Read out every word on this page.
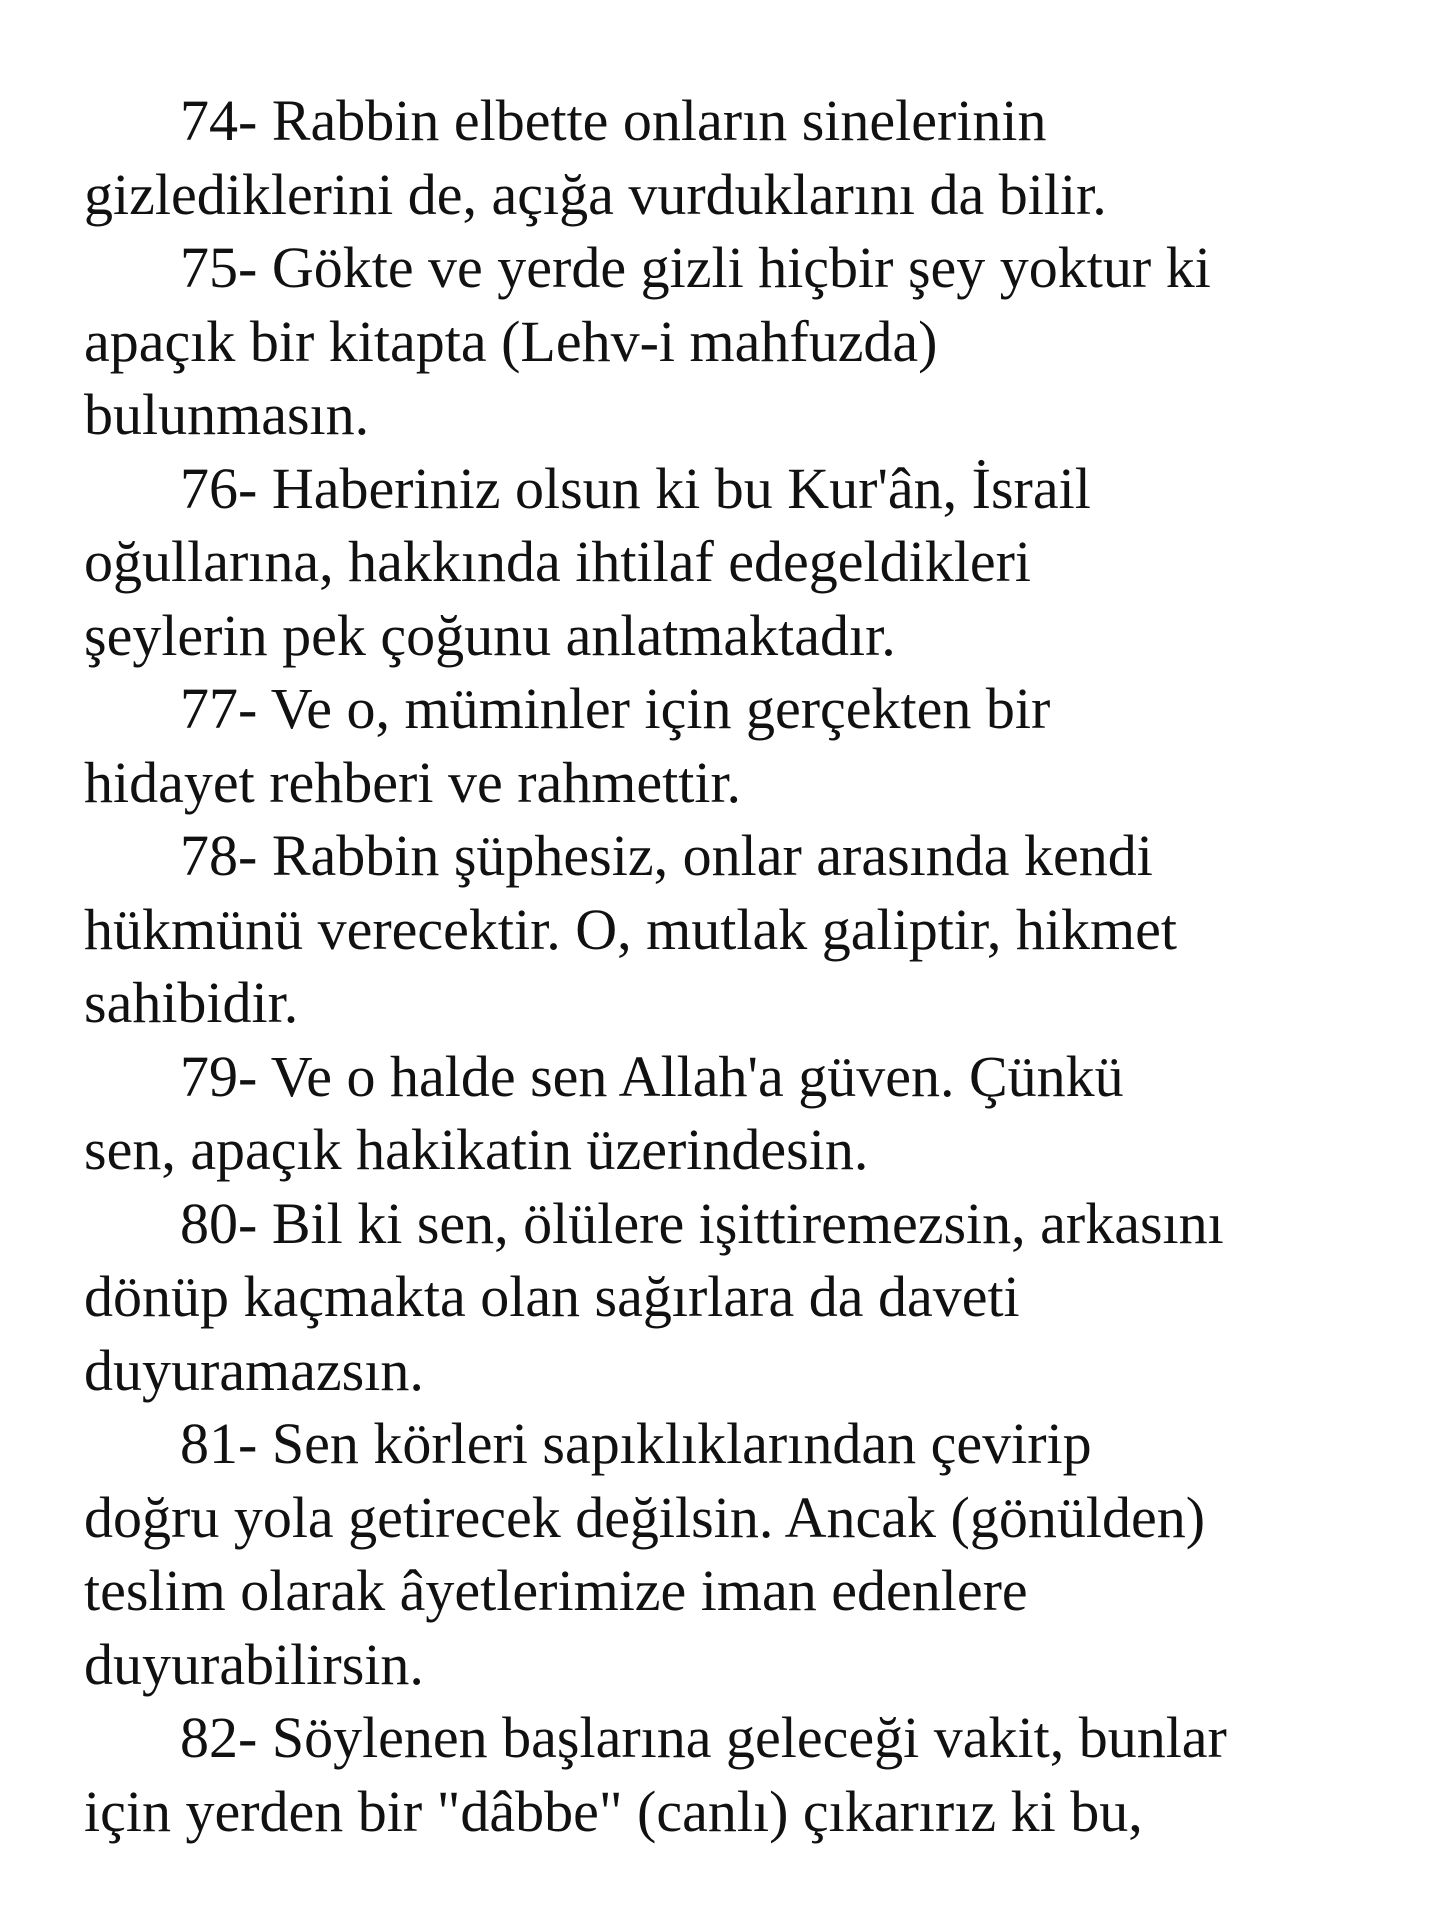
74- Rabbin elbette onların sinelerinin
gizlediklerini de, açığa vurduklarını da bilir.
75- Gökte ve yerde gizli hiçbir şey yoktur ki
apaçık bir kitapta (Lehv-i mahfuzda)
bulunmasın.
76- Haberiniz olsun ki bu Kur'ân, İsrail
oğullarına, hakkında ihtilaf edegeldikleri
şeylerin pek çoğunu anlatmaktadır.
77- Ve o, müminler için gerçekten bir
hidayet rehberi ve rahmettir.
78- Rabbin şüphesiz, onlar arasında kendi
hükmünü verecektir. O, mutlak galiptir, hikmet
sahibidir.
79- Ve o halde sen Allah'a güven. Çünkü
sen, apaçık hakikatin üzerindesin.
80- Bil ki sen, ölülere işittiremezsin, arkasını
dönüp kaçmakta olan sağırlara da daveti
duyuramazsın.
81- Sen körleri sapıklıklarından çevirip
doğru yola getirecek değilsin. Ancak (gönülden)
teslim olarak âyetlerimize iman edenlere
duyurabilirsin.
82- Söylenen başlarına geleceği vakit, bunlar
için yerden bir "dâbbe" (canlı) çıkarırız ki bu,
